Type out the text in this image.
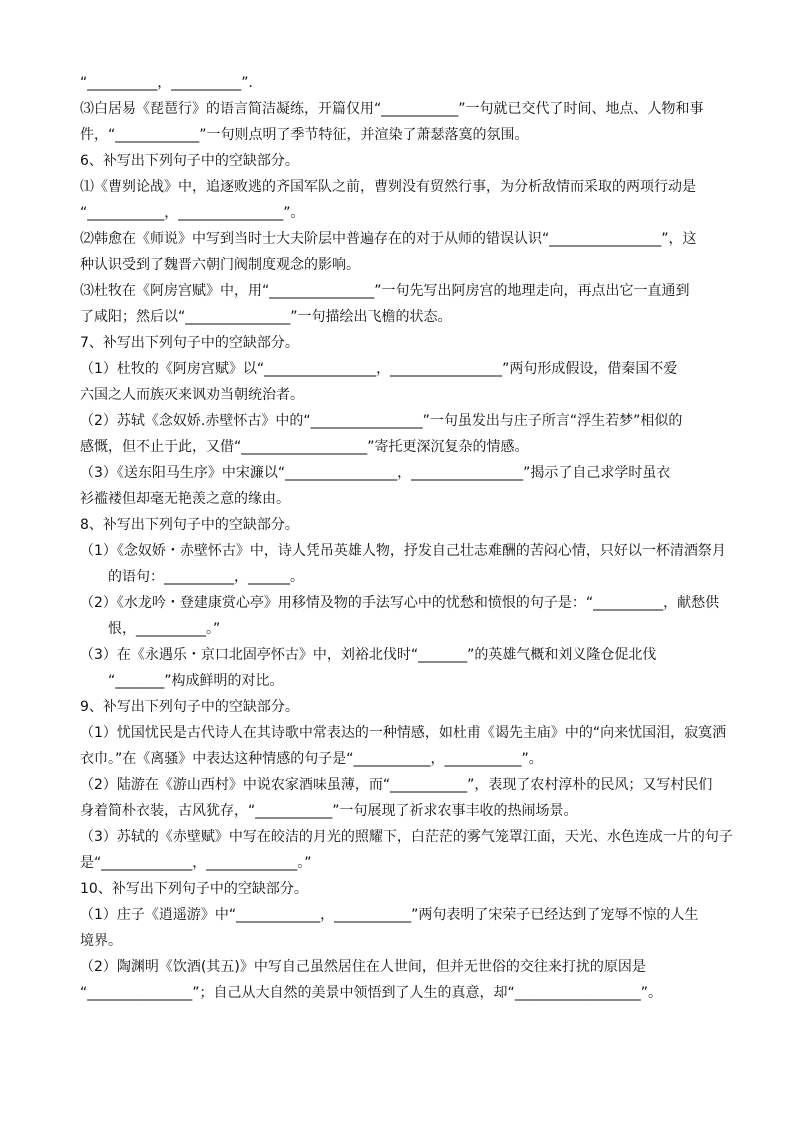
“__________，__________”．
⑶白居易《琵琶行》的语言简洁凝练，开篇仅用“___________”一句就已交代了时间、地点、人物和事
件，“____________”一句则点明了季节特征，并渲染了萧瑟落寞的氛围。
6、补写出下列句子中的空缺部分。
⑴《曹刿论战》中，追逐败逃的齐国军队之前，曹刿没有贸然行事，为分析敌情而采取的两项行动是
“___________，_______________”。
⑵韩愈在《师说》中写到当时士大夫阶层中普遍存在的对于从师的错误认识“________________”，这
种认识受到了魏晋六朝门阀制度观念的影响。
⑶杜牧在《阿房宫赋》中，用“_______________”一句先写出阿房宫的地理走向，再点出它一直通到
了咸阳；然后以“_______________”一句描绘出飞檐的状态。
7、补写出下列句子中的空缺部分。
（1）杜牧的《阿房宫赋》以“________________，________________”两句形成假设，借秦国不爱
六国之人而族灭来讽劝当朝统治者。
（2）苏轼《念奴娇.赤壁怀古》中的“________________”一句虽发出与庄子所言“浮生若梦”相似的
感慨，但不止于此，又借“__________________”寄托更深沉复杂的情感。
（3）《送东阳马生序》中宋濂以“________________，________________”揭示了自己求学时虽衣
衫褴褛但却毫无艳羡之意的缘由。
8、补写出下列句子中的空缺部分。
（1）《念奴娇・赤壁怀古》中，诗人凭吊英雄人物，抒发自己壮志难酬的苦闷心情，只好以一杯清酒祭月
　　的语句：__________，______。
（2）《水龙吟・登建康赏心亭》用移情及物的手法写心中的忧愁和愤恨的句子是：“__________，献愁供
　　恨，__________。”
（3）在《永遇乐・京口北固亭怀古》中，刘裕北伐时“_______”的英雄气概和刘义隆仓促北伐
　　“_______”构成鲜明的对比。
9、补写出下列句子中的空缺部分。
（1）忧国忧民是古代诗人在其诗歌中常表达的一种情感，如杜甫《谒先主庙》中的“向来忧国泪，寂寞洒
衣巾。”在《离骚》中表达这种情感的句子是“___________，___________”。
（2）陆游在《游山西村》中说农家酒味虽薄，而“___________”，表现了农村淳朴的民风；又写村民们
身着简朴衣装，古风犹存，“___________”一句展现了祈求农事丰收的热闹场景。
（3）苏轼的《赤壁赋》中写在皎洁的月光的照耀下，白茫茫的雾气笼罩江面，天光、水色连成一片的句子
是“_____________，_____________。”
10、补写出下列句子中的空缺部分。
（1）庄子《逍遥游》中“____________，___________”两句表明了宋荣子已经达到了宠辱不惊的人生
境界。
（2）陶渊明《饮酒(其五)》中写自己虽然居住在人世间，但并无世俗的交往来打扰的原因是
“_______________”；自己从大自然的美景中领悟到了人生的真意，却“__________________”。
